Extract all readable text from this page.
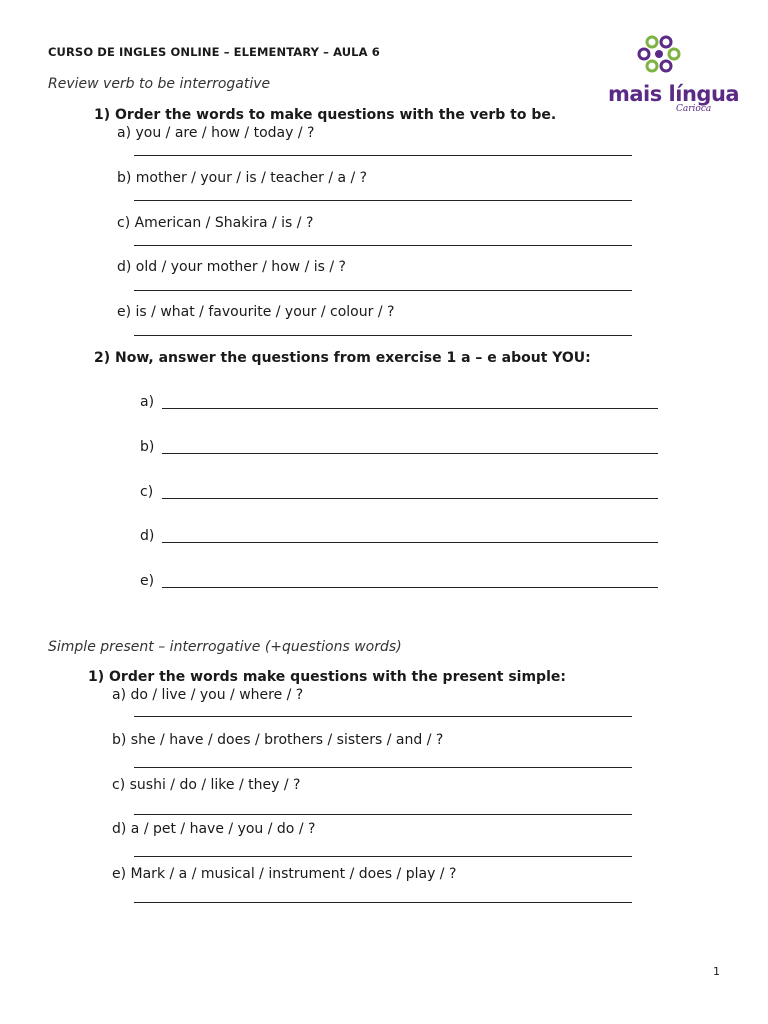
CURSO DE INGLES ONLINE – ELEMENTARY – AULA 6
mais língua
Carioca
Review verb to be interrogative
1) Order the words to make questions with the verb to be.
a) you / are / how / today / ?
b) mother / your / is / teacher / a / ?
c) American / Shakira / is / ?
d) old / your mother / how / is / ?
e) is / what / favourite / your / colour / ?
2) Now, answer the questions from exercise 1 a – e about YOU:
a)
b)
c)
d)
e)
Simple present – interrogative (+questions words)
1) Order the words make questions with the present simple:
a) do / live / you / where / ?
b) she / have / does / brothers / sisters / and / ?
c) sushi / do / like / they / ?
d) a / pet / have / you / do / ?
e) Mark / a / musical / instrument / does / play / ?
1
